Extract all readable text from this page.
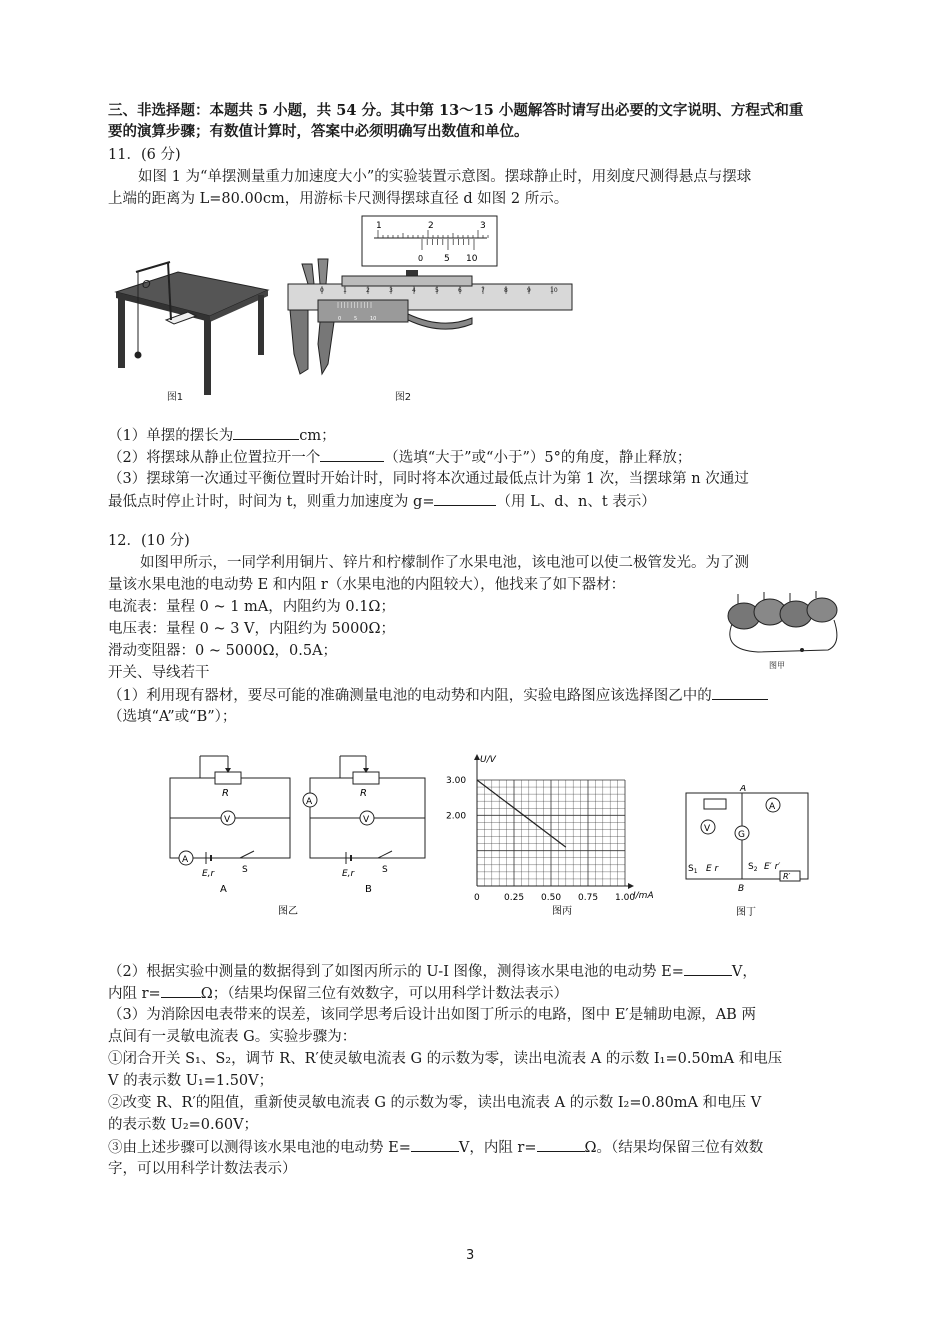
三、非选择题：本题共 5 小题，共 54 分。其中第 13～15 小题解答时请写出必要的文字说明、方程式和重
要的演算步骤；有数值计算时，答案中必须明确写出数值和单位。
11．(6 分)
如图 1 为“单摆测量重力加速度大小”的实验装置示意图。摆球静止时，用刻度尺测得悬点与摆球
上端的距离为 L=80.00cm，用游标卡尺测得摆球直径 d 如图 2 所示。
O
图1
1	2	3
0 5 10
0	1	2	3	4	5	6	7	8	9	10
0	5	10
图2
（1）单摆的摆长为	cm；
（2）将摆球从静止位置拉开一个	（选填“大于”或“小于”）5°的角度，静止释放；
（3）摆球第一次通过平衡位置时开始计时，同时将本次通过最低点计为第 1 次，当摆球第 n 次通过
最低点时停止计时，时间为 t，则重力加速度为 g=	（用 L、d、n、t 表示）
12．(10 分)
如图甲所示，一同学利用铜片、锌片和柠檬制作了水果电池，该电池可以使二极管发光。为了测
量该水果电池的电动势 E 和内阻 r（水果电池的内阻较大），他找来了如下器材：
电流表：量程 0 ~ 1 mA，内阻约为 0.1Ω；
电压表：量程 0 ~ 3 V，内阻约为 5000Ω；
滑动变阻器：0 ~ 5000Ω，0.5A；
开关、导线若干	图甲
（1）利用现有器材，要尽可能的准确测量电池的电动势和内阻，实验电路图应该选择图乙中的
（选填“A”或“B”）；
R
V
A
E,r	S
A
R
A
V
E,r	S
B
图乙
U/V
I/mA
3.00
2.00
0	0.25 0.50 0.75 1.00
图丙
V
G
A
A
B
$S_1$ E r	$S_2$ E′ r′
R′
图丁
（2）根据实验中测量的数据得到了如图丙所示的 U-I 图像，测得该水果电池的电动势 E=	V，
内阻 r=	Ω；（结果均保留三位有效数字，可以用科学计数法表示）
（3）为消除因电表带来的误差，该同学思考后设计出如图丁所示的电路，图中 E′是辅助电源，AB 两
点间有一灵敏电流表 G。实验步骤为：
①闭合开关 S₁、S₂，调节 R、R′使灵敏电流表 G 的示数为零，读出电流表 A 的示数 I₁=0.50mA 和电压
V 的表示数 U₁=1.50V；
②改变 R、R′的阻值，重新使灵敏电流表 G 的示数为零，读出电流表 A 的示数 I₂=0.80mA 和电压 V
的表示数 U₂=0.60V；
③由上述步骤可以测得该水果电池的电动势 E=	V，内阻 r=	Ω。（结果均保留三位有效数
字，可以用科学计数法表示）
3
